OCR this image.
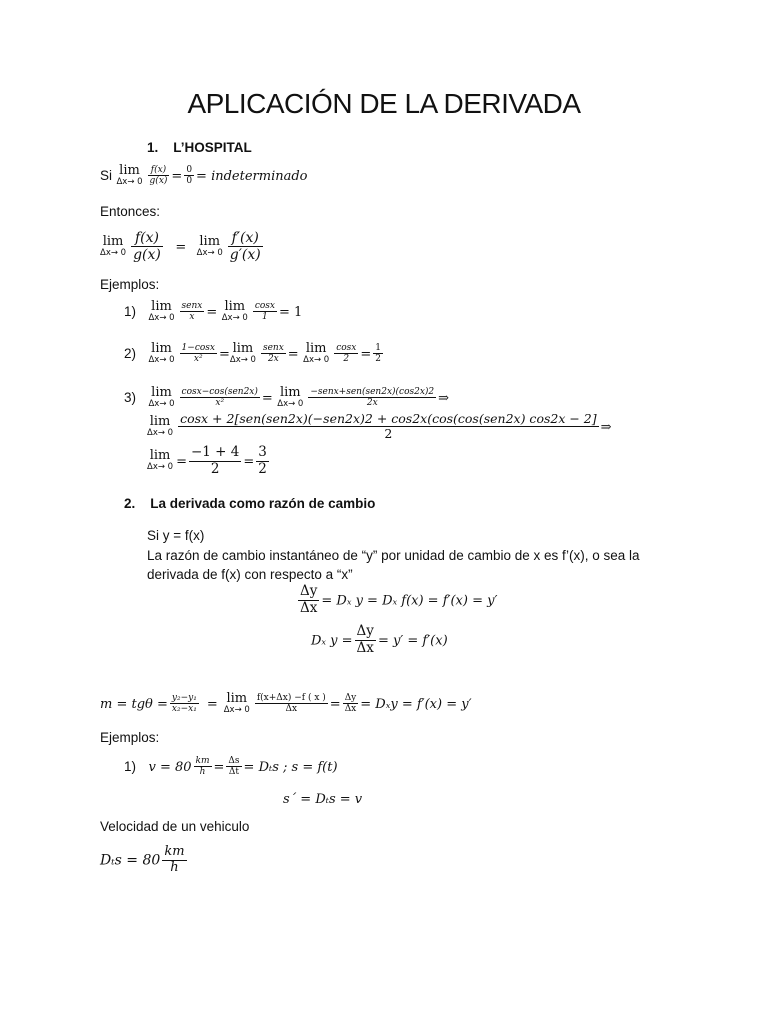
APLICACIÓN DE LA DERIVADA
1. L’HOSPITAL
Si lim
$\Delta x\to 0 \frac{f(x)}{g(x)} = \frac{0}{0}$ = indeterminado
Entonces:
lim
$\Delta x\to 0 \frac{f(x)}{g(x)} = \lim$
$\Delta x\to 0 \frac{f'(x)}{g'(x)}$
Ejemplos:
1) lim
$\Delta x\to 0 \frac{\text{senx}}{x} = \lim$
$\Delta x\to 0 \frac{\cos x}{1} = 1$
2) lim
$\Delta x\to 0 \frac{1-\cos x}{\text{x²}} = \lim$
$\Delta x\to 0 \frac{\text{senx}}{2x} = \lim$
$\Delta x\to 0 \frac{\cos x}{2} = \frac{1}{2}$
3) lim
$\Delta x\to 0 \frac{\text{cosx−cos(sen2x)}}{\text{x²}} = \lim$
$\Delta x\to 0 \frac{\text{−senx+sen(sen2x)(cos2x)2}}{2x}$ ⇒
lim
Δx→ 0
cosx + 2[sen(sen2x)(−sen2x)2 + cos2x(cos(cos(sen2x) cos2x − 2]
2	⇒
lim
$\Delta x\to 0 = \frac{-1 + 4}{2} = \frac{3}{2}$
2. La derivada como razón de cambio
Si y = f(x)
La razón de cambio instantáneo de “y” por unidad de cambio de x es f’(x), o sea la
derivada de f(x) con respecto a “x”
$\frac{\Delta y}{\Delta x} = D_x$ y = Dₓ f(x) = f′(x) = y′
Dₓ $y = \frac{\Delta y}{\Delta x} = y' = f'(x)$
$m = tg\theta = \frac{\text{y₂−y₁}}{\text{x₂−x₁}} = \lim$
$\Delta x\to 0 \frac{f(x+\Delta x) -f ( x )}{\Delta x} = \frac{\Delta y}{\Delta x} = D_xy = f'(x) = y'$
Ejemplos:
1) $v = 80 \frac{km}{h} = \frac{\Delta s}{\Delta t} = D_ts$ ; s = f(t)
s´ = Dₜs = v
Velocidad de un vehiculo
$D_ts = 80 \frac{km}{h}$
